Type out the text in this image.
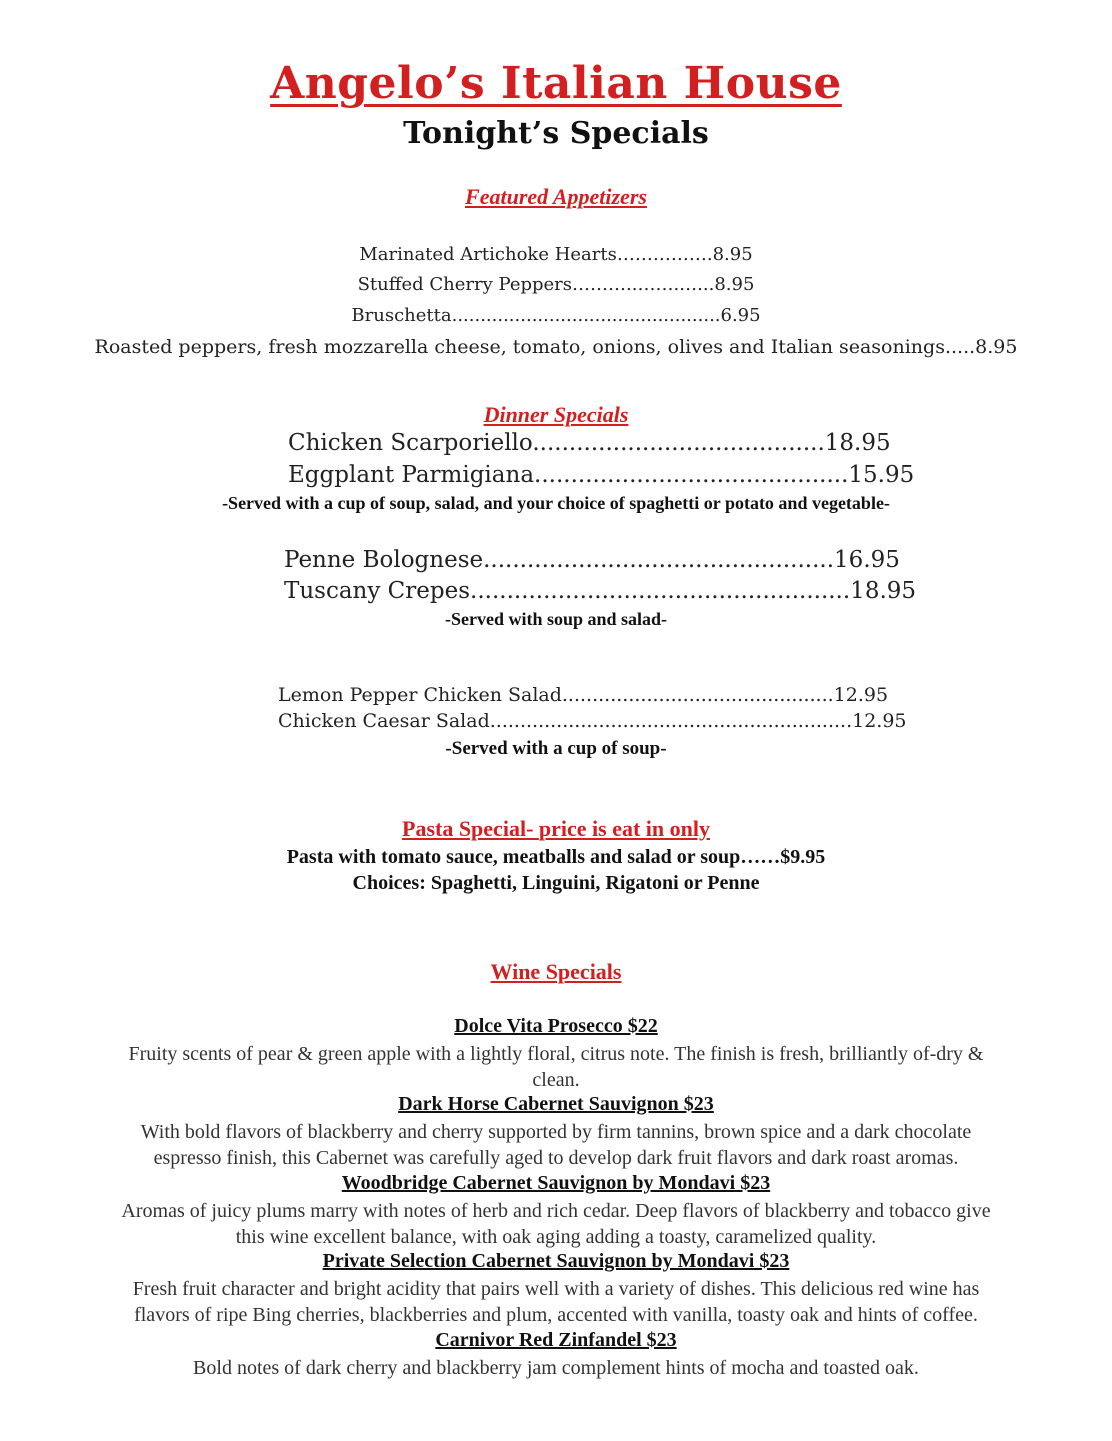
Angelo’s Italian House
Tonight’s Specials
Featured Appetizers
Marinated Artichoke Hearts…………….8.95
Stuffed Cherry Peppers………..…….…...8.95
Bruschetta...............................................6.95
Roasted peppers, fresh mozzarella cheese, tomato, onions, olives and Italian seasonings.....8.95
Dinner Specials
Chicken Scarporiello........................................18.95
Eggplant Parmigiana...........................................15.95
-Served with a cup of soup, salad, and your choice of spaghetti or potato and vegetable-
Penne Bolognese................................................16.95
Tuscany Crepes....................................................18.95
-Served with soup and salad-
Lemon Pepper Chicken Salad.............................................12.95
Chicken Caesar Salad............................................................12.95
-Served with a cup of soup-
Pasta Special- price is eat in only
Pasta with tomato sauce, meatballs and salad or soup……$9.95
Choices: Spaghetti, Linguini, Rigatoni or Penne
Wine Specials
Dolce Vita Prosecco $22
Fruity scents of pear & green apple with a lightly floral, citrus note. The finish is fresh, brilliantly of-dry &
clean.
Dark Horse Cabernet Sauvignon $23
With bold flavors of blackberry and cherry supported by firm tannins, brown spice and a dark chocolate
espresso finish, this Cabernet was carefully aged to develop dark fruit flavors and dark roast aromas.
Woodbridge Cabernet Sauvignon by Mondavi $23
Aromas of juicy plums marry with notes of herb and rich cedar. Deep flavors of blackberry and tobacco give
this wine excellent balance, with oak aging adding a toasty, caramelized quality.
Private Selection Cabernet Sauvignon by Mondavi $23
Fresh fruit character and bright acidity that pairs well with a variety of dishes. This delicious red wine has
flavors of ripe Bing cherries, blackberries and plum, accented with vanilla, toasty oak and hints of coffee.
Carnivor Red Zinfandel $23
Bold notes of dark cherry and blackberry jam complement hints of mocha and toasted oak.
